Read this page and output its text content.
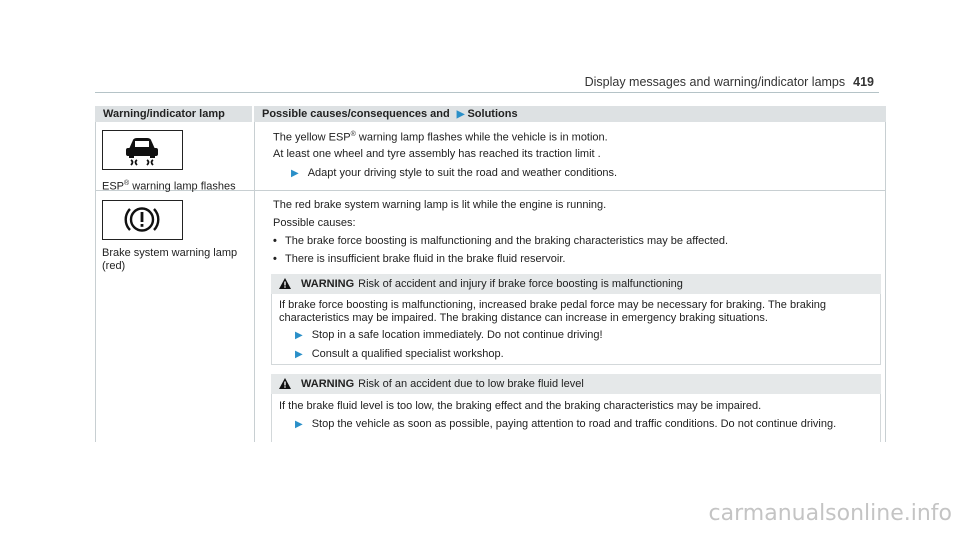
Display messages and warning/indicator lamps 419
Warning/indicator lamp	Possible causes/consequences and ▶ Solutions
ESP® warning lamp flashes
The yellow ESP® warning lamp flashes while the vehicle is in motion.
At least one wheel and tyre assembly has reached its traction limit .
▶ Adapt your driving style to suit the road and weather conditions.
Brake system warning lamp
(red)
The red brake system warning lamp is lit while the engine is running.
Possible causes:
• The brake force boosting is malfunctioning and the braking characteristics may be affected.
• There is insufficient brake fluid in the brake fluid reservoir.
WARNING Risk of accident and injury if brake force boosting is malfunctioning
If brake force boosting is malfunctioning, increased brake pedal force may be necessary for braking. The braking
characteristics may be impaired. The braking distance can increase in emergency braking situations.
▶ Stop in a safe location immediately. Do not continue driving!
▶ Consult a qualified specialist workshop.
WARNING Risk of an accident due to low brake fluid level
If the brake fluid level is too low, the braking effect and the braking characteristics may be impaired.
▶ Stop the vehicle as soon as possible, paying attention to road and traffic conditions. Do not continue driving.
carmanualsonline.info
